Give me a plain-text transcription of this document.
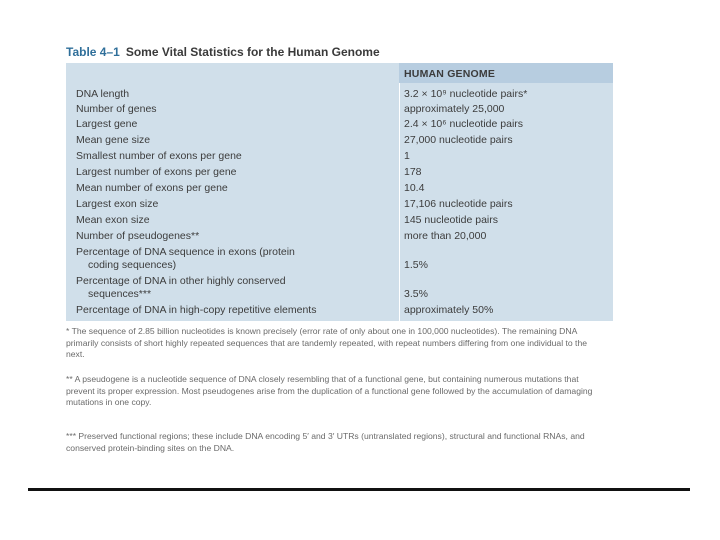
Table 4–1 Some Vital Statistics for the Human Genome
HUMAN GENOME
DNA length	3.2 × 10⁹ nucleotide pairs*
Number of genes	approximately 25,000
Largest gene	2.4 × 10⁶ nucleotide pairs
Mean gene size	27,000 nucleotide pairs
Smallest number of exons per gene	1
Largest number of exons per gene	178
Mean number of exons per gene	10.4
Largest exon size	17,106 nucleotide pairs
Mean exon size	145 nucleotide pairs
Number of pseudogenes**	more than 20,000
Percentage of DNA sequence in exons (protein
coding sequences)	1.5%
Percentage of DNA in other highly conserved
sequences***	3.5%
Percentage of DNA in high-copy repetitive elements	approximately 50%
* The sequence of 2.85 billion nucleotides is known precisely (error rate of only about one in 100,000 nucleotides). The remaining DNA primarily consists of short highly repeated sequences that are tandemly repeated, with repeat numbers differing from one individual to the next.
** A pseudogene is a nucleotide sequence of DNA closely resembling that of a functional gene, but containing numerous mutations that prevent its proper expression. Most pseudogenes arise from the duplication of a functional gene followed by the accumulation of damaging mutations in one copy.
*** Preserved functional regions; these include DNA encoding 5′ and 3′ UTRs (untranslated regions), structural and functional RNAs, and conserved protein-binding sites on the DNA.
